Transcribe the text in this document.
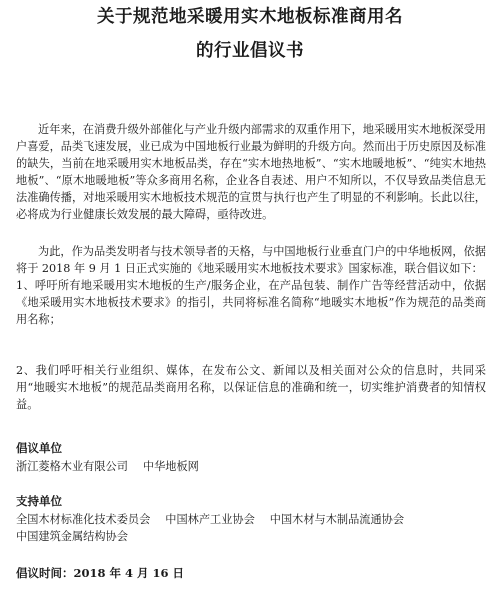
关于规范地采暖用实木地板标准商用名
的行业倡议书

近年来，在消费升级外部催化与产业升级内部需求的双重作用下，地采暖用实木地板深受用户喜爱，品类飞速发展，业已成为中国地板行业最为鲜明的升级方向。然而出于历史原因及标准的缺失，当前在地采暖用实木地板品类，存在“实木地热地板”、“实木地暖地板”、“纯实木地热地板”、“原木地暖地板”等众多商用名称，企业各自表述、用户不知所以，不仅导致品类信息无法准确传播，对地采暖用实木地板技术规范的宣贯与执行也产生了明显的不利影响。长此以往，必将成为行业健康长效发展的最大障碍，亟待改进。

为此，作为品类发明者与技术领导者的天格，与中国地板行业垂直门户的中华地板网，依据将于 2018 年 9 月 1 日正式实施的《地采暖用实木地板技术要求》国家标准，联合倡议如下：

1、呼吁所有地采暖用实木地板的生产/服务企业，在产品包装、制作广告等经营活动中，依据《地采暖用实木地板技术要求》的指引，共同将标准名简称“地暖实木地板”作为规范的品类商用名称；

2、我们呼吁相关行业组织、媒体，在发布公文、新闻以及相关面对公众的信息时，共同采用“地暖实木地板”的规范品类商用名称，以保证信息的准确和统一，切实维护消费者的知情权益。

倡议单位
浙江菱格木业有限公司 中华地板网
支持单位
全国木材标准化技术委员会 中国林产工业协会 中国木材与木制品流通协会
中国建筑金属结构协会
倡议时间：2018 年 4 月 16 日
